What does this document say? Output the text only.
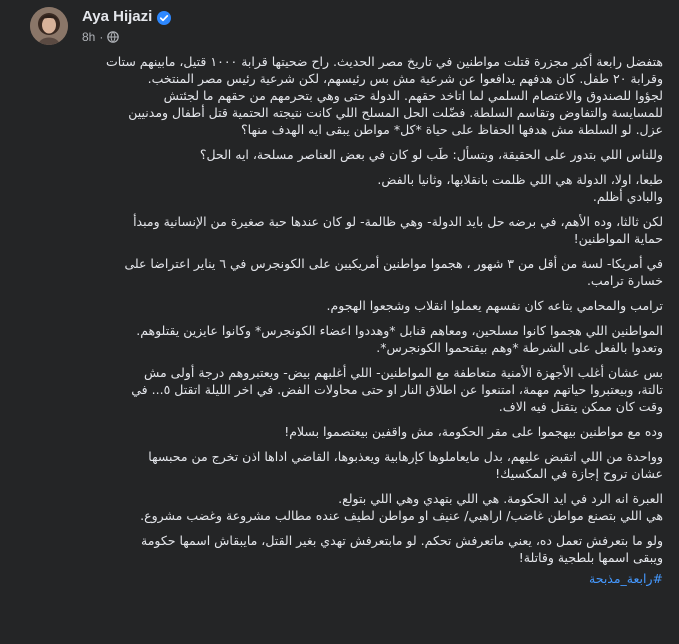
Aya Hijazi
8h ·

هتفضل رابعة أكبر مجزرة قتلت مواطنين في تاريخ مصر الحديث. راح ضحيتها قرابة ١٠٠٠ قتيل، مابينهم ستات
وقرابة ٢٠ طفل. كان هدفهم يدافعوا عن شرعية مش بس رئيسهم، لكن شرعية رئيس مصر المنتخب.
لجؤوا للصندوق والاعتصام السلمي لما اتاخد حقهم. الدولة حتى وهي بتحرمهم من حقهم ما لجئتش
للمسايسة والتفاوض وتقاسم السلطة. فضّلت الحل المسلح اللي كانت نتيجته الحتمية قتل أطفال ومدنيين
عزل. لو السلطة مش هدفها الحفاظ على حياة *كل* مواطن يبقى ايه الهدف منها؟

وللناس اللي بتدور على الحقيقة، وبتسأل: طَب لو كان في بعض العناصر مسلحة، ايه الحل؟

طبعا، اولا، الدولة هي اللي ظلمت بانقلابها، وثانيا بالفض.
والبادي أظلم.

لكن ثالثا، وده الأهم، في برضه حل بايد الدولة- وهي ظالمة- لو كان عندها حبة صغيرة من الإنسانية ومبدأ
حماية المواطنين!

في أمريكا- لسة من أقل من ٣ شهور ، هجموا مواطنين أمريكيين على الكونجرس في ٦ يناير اعتراضا على
خسارة ترامب.

ترامب والمحامي بتاعه كان نفسهم يعملوا انقلاب وشجعوا الهجوم.

المواطنين اللي هجموا كانوا مسلحين، ومعاهم قنابل *وهددوا اعضاء الكونجرس* وكانوا عايزين يقتلوهم.
وتعدوا بالفعل على الشرطة *وهم بيقتحموا الكونجرس*.

بس عشان أغلب الأجهزة الأمنية متعاطفة مع المواطنين- اللي أغلبهم بيض- ويعتبروهم درجة أولى مش
تالتة، وبيعتبروا حياتهم مهمة، امتنعوا عن اطلاق النار او حتى محاولات الفض. في اخر الليلة اتقتل ٥... في
وقت كان ممكن يتقتل فيه الاف.

وده مع مواطنين بيهجموا على مقر الحكومة، مش واقفين بيعتصموا بسلام!

وواحدة من اللي اتقبض عليهم، بدل مايعاملوها كإرهابية ويعذبوها، القاضي اداها اذن تخرج من محبسها
عشان تروح إجازة في المكسيك!

العبرة انه الرد في ايد الحكومة. هي اللي بتهدي وهي اللي بتولع.
هي اللي بتصنع مواطن غاضب/ اراهبي/ عنيف او مواطن لطيف عنده مطالب مشروعة وغضب مشروع.

ولو ما بتعرفش تعمل ده، يعني ماتعرفش تحكم. لو مابتعرفش تهدي بغير القتل، مايبقاش اسمها حكومة
ويبقى اسمها بلطجية وقاتلة!

#رابعة_مذبحة
